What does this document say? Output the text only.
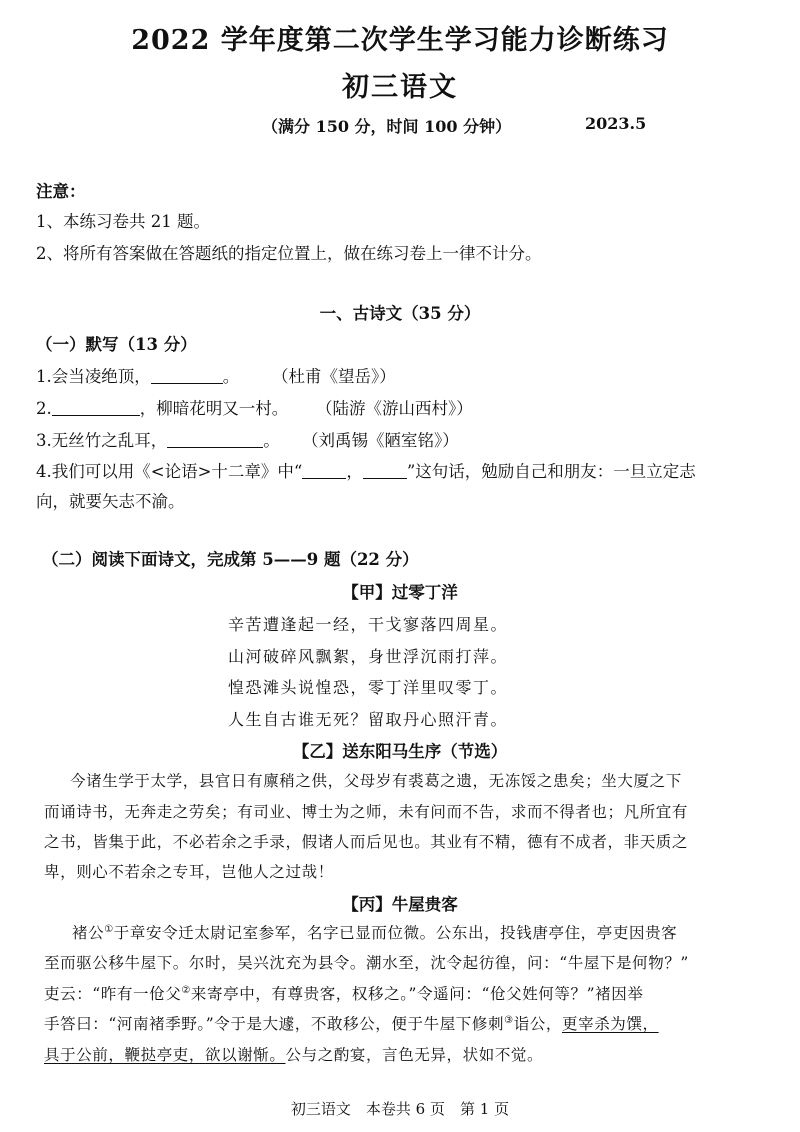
2022 学年度第二次学生学习能力诊断练习
初三语文
（满分 150 分，时间 100 分钟）	2023.5
注意：
1、本练习卷共 21 题。
2、将所有答案做在答题纸的指定位置上，做在练习卷上一律不计分。
一、古诗文（35 分）
（一）默写（13 分）
1.会当凌绝顶，	。 （杜甫《望岳》）
2.	，柳暗花明又一村。 （陆游《游山西村》）
3.无丝竹之乱耳，	。 （刘禹锡《陋室铭》）
4.我们可以用《<论语>十二章》中“	，	”这句话，勉励自己和朋友：一旦立定志
向，就要矢志不渝。
（二）阅读下面诗文，完成第 5——9 题（22 分）
【甲】过零丁洋
辛苦遭逢起一经，干戈寥落四周星。
山河破碎风飘絮，身世浮沉雨打萍。
惶恐滩头说惶恐，零丁洋里叹零丁。
人生自古谁无死？留取丹心照汗青。
【乙】送东阳马生序（节选）
今诸生学于太学，县官日有廪稍之供，父母岁有裘葛之遗，无冻馁之患矣；坐大厦之下
而诵诗书，无奔走之劳矣；有司业、博士为之师，未有问而不告，求而不得者也；凡所宜有
之书，皆集于此，不必若余之手录，假诸人而后见也。其业有不精，德有不成者，非天质之
卑，则心不若余之专耳，岂他人之过哉！
【丙】牛屋贵客
褚公①于章安令迁太尉记室参军，名字已显而位微。公东出，投钱唐亭住，亭吏因贵客
至而驱公移牛屋下。尔时，吴兴沈充为县令。潮水至，沈令起彷徨，问：“牛屋下是何物？”
吏云：“昨有一伧父②来寄亭中，有尊贵客，权移之。”令遥问：“伧父姓何等？”褚因举
手答曰：“河南褚季野。”令于是大遽，不敢移公，便于牛屋下修刺③诣公，更宰杀为馔，
具于公前，鞭挞亭吏，欲以谢惭。公与之酌宴，言色无异，状如不觉。
初三语文　本卷共 6 页　第 1 页
